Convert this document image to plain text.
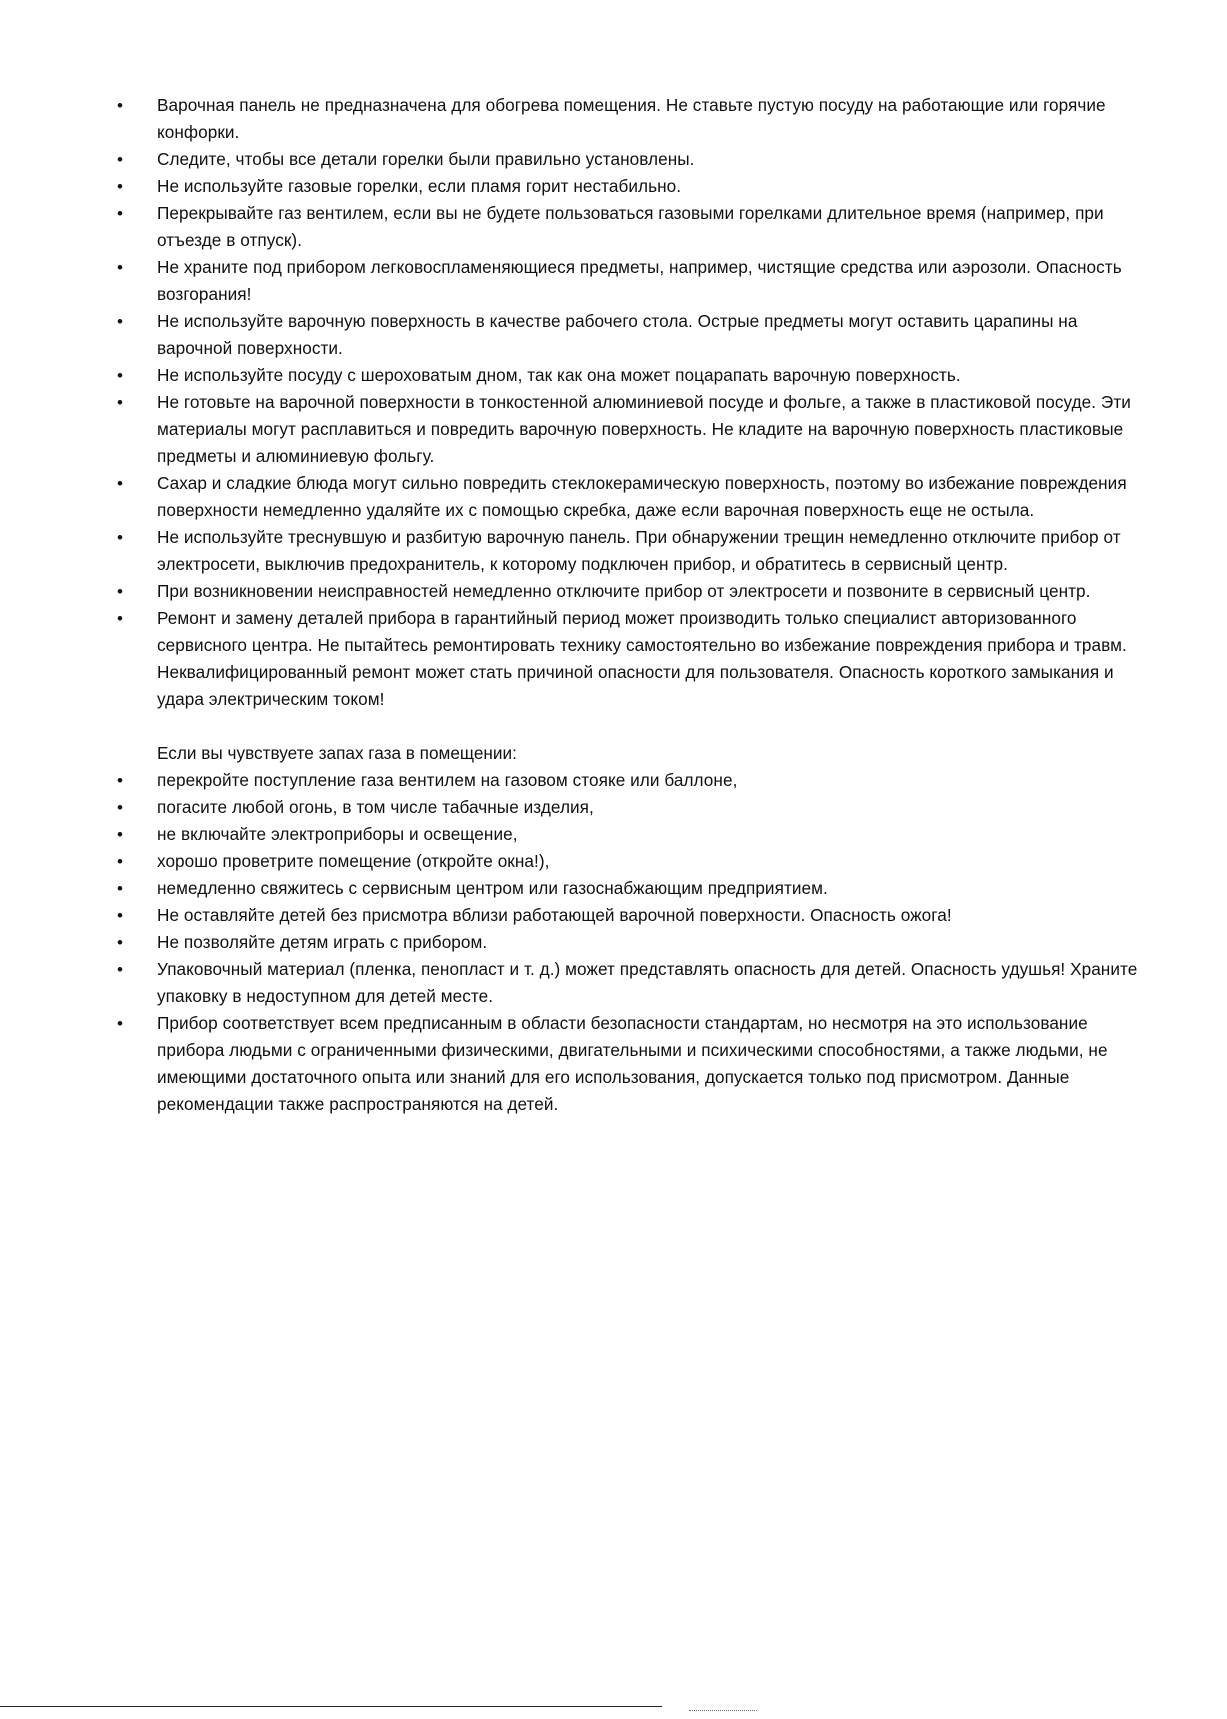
• Варочная панель не предназначена для обогрева помещения. Не ставьте пустую посуду на работающие или горячие конфорки.
• Следите, чтобы все детали горелки были правильно установлены.
• Не используйте газовые горелки, если пламя горит нестабильно.
• Перекрывайте газ вентилем, если вы не будете пользоваться газовыми горелками длительное время (например, при отъезде в отпуск).
• Не храните под прибором легковоспламеняющиеся предметы, например, чистящие средства или аэрозоли. Опасность возгорания!
• Не используйте варочную поверхность в качестве рабочего стола. Острые предметы могут оставить царапины на варочной поверхности.
• Не используйте посуду с шероховатым дном, так как она может поцарапать варочную поверхность.
• Не готовьте на варочной поверхности в тонкостенной алюминиевой посуде и фольге, а также в пластиковой посуде. Эти материалы могут расплавиться и повредить варочную поверхность. Не кладите на варочную поверхность пластиковые предметы и алюминиевую фольгу.
• Сахар и сладкие блюда могут сильно повредить стеклокерамическую поверхность, поэтому во избежание повреждения поверхности немедленно удаляйте их с помощью скребка, даже если варочная поверхность еще не остыла.
• Не используйте треснувшую и разбитую варочную панель. При обнаружении трещин немедленно отключите прибор от электросети, выключив предохранитель, к которому подключен прибор, и обратитесь в сервисный центр.
• При возникновении неисправностей немедленно отключите прибор от электросети и позвоните в сервисный центр.
• Ремонт и замену деталей прибора в гарантийный период может производить только специалист авторизованного сервисного центра. Не пытайтесь ремонтировать технику самостоятельно во избежание повреждения прибора и травм. Неквалифицированный ремонт может стать причиной опасности для пользователя. Опасность короткого замыкания и удара электрическим током!
Если вы чувствуете запах газа в помещении:
• перекройте поступление газа вентилем на газовом стояке или баллоне,
• погасите любой огонь, в том числе табачные изделия,
• не включайте электроприборы и освещение,
• хорошо проветрите помещение (откройте окна!),
• немедленно свяжитесь с сервисным центром или газоснабжающим предприятием.
• Не оставляйте детей без присмотра вблизи работающей варочной поверхности. Опасность ожога!
• Не позволяйте детям играть с прибором.
• Упаковочный материал (пленка, пенопласт и т. д.) может представлять опасность для детей. Опасность удушья! Храните упаковку в недоступном для детей месте.
• Прибор соответствует всем предписанным в области безопасности стандартам, но несмотря на это использование прибора людьми с ограниченными физическими, двигательными и психическими способностями, а также людьми, не имеющими достаточного опыта или знаний для его использования, допускается только под присмотром. Данные рекомендации также распространяются на детей.
